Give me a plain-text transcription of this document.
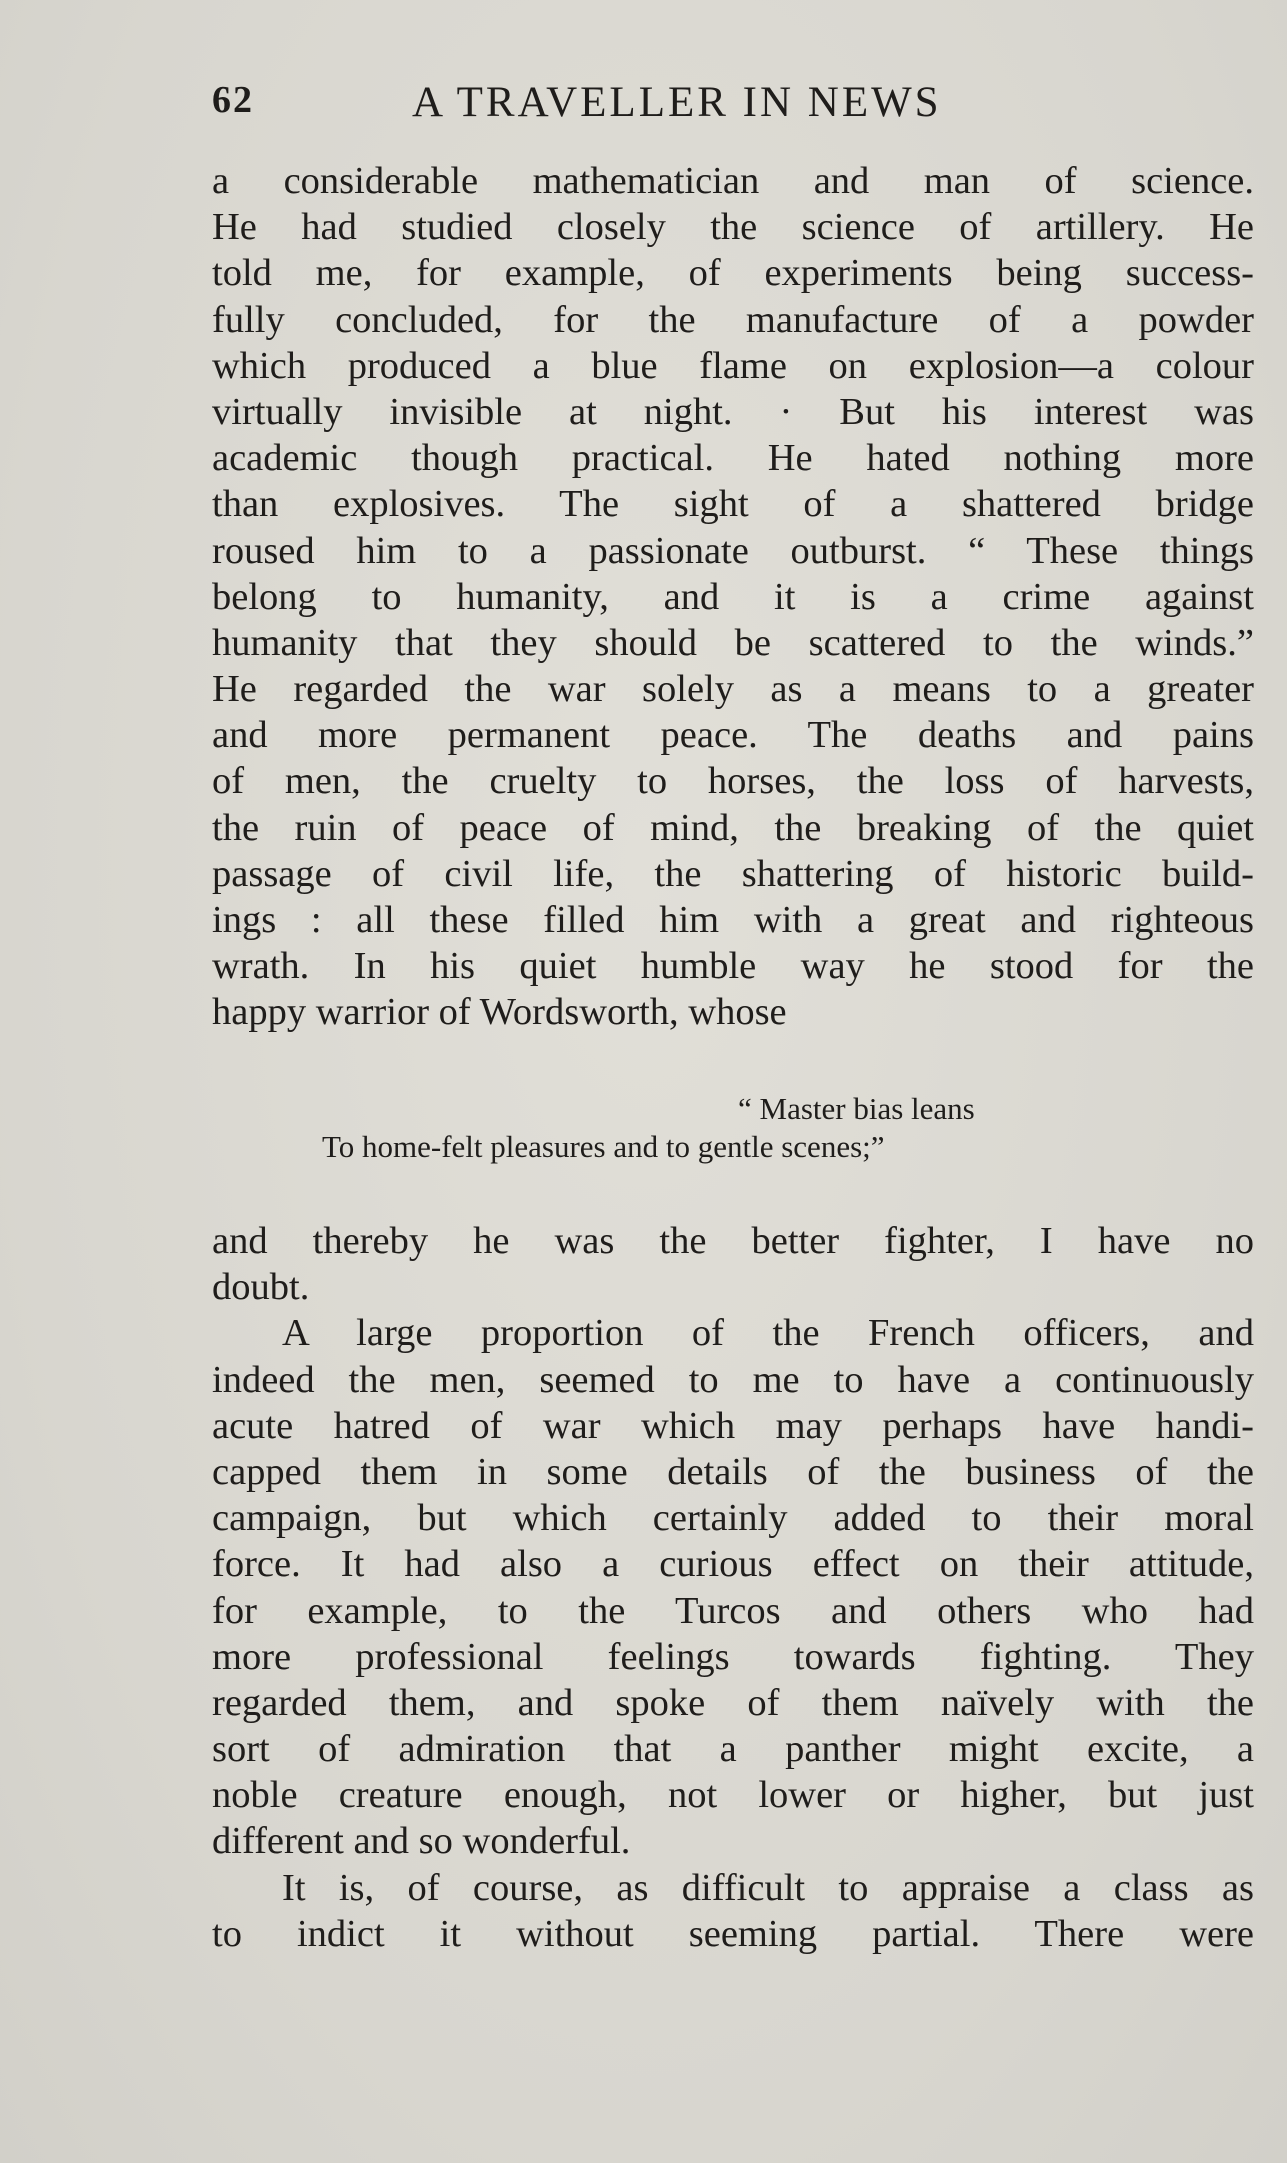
62	A TRAVELLER IN NEWS
a considerable mathematician and man of science.
He had studied closely the science of artillery. He
told me, for example, of experiments being success-
fully concluded, for the manufacture of a powder
which produced a blue flame on explosion—a colour
virtually invisible at night. · But his interest was
academic though practical. He hated nothing more
than explosives. The sight of a shattered bridge
roused him to a passionate outburst. “ These things
belong to humanity, and it is a crime against
humanity that they should be scattered to the winds.”
He regarded the war solely as a means to a greater
and more permanent peace. The deaths and pains
of men, the cruelty to horses, the loss of harvests,
the ruin of peace of mind, the breaking of the quiet
passage of civil life, the shattering of historic build-
ings : all these filled him with a great and righteous
wrath. In his quiet humble way he stood for the
happy warrior of Wordsworth, whose
“ Master bias leans
To home-felt pleasures and to gentle scenes;”
and thereby he was the better fighter, I have no
doubt.
A large proportion of the French officers, and
indeed the men, seemed to me to have a continuously
acute hatred of war which may perhaps have handi-
capped them in some details of the business of the
campaign, but which certainly added to their moral
force. It had also a curious effect on their attitude,
for example, to the Turcos and others who had
more professional feelings towards fighting. They
regarded them, and spoke of them naïvely with the
sort of admiration that a panther might excite, a
noble creature enough, not lower or higher, but just
different and so wonderful.
It is, of course, as difficult to appraise a class as
to indict it without seeming partial. There were
